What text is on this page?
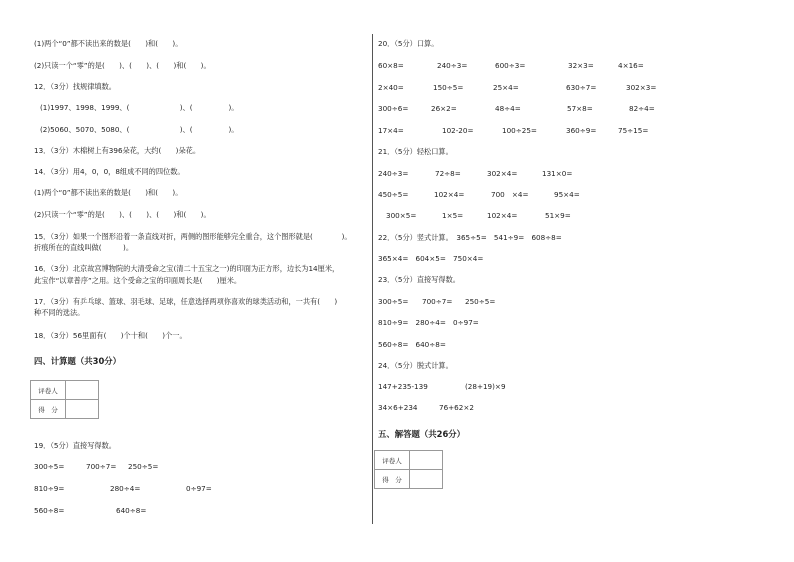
(1)两个“0”都不读出来的数是(　　)和(　　)。
(2)只读一个“零”的是(　　)、(　　)、(　　)和(　　)。
12．（3分）找规律填数。
(1)1997、1998、1999、(　　　　　　　)、(　　　　　)。
(2)5060、5070、5080、(　　　　　　　)、(　　　　　)。
13．（3分）木棉树上有396朵花，大约(　　)朵花。
14．（3分）用4，0，0，8组成不同的四位数。
(1)两个“0”都不读出来的数是(　　)和(　　)。
(2)只读一个“零”的是(　　)、(　　)、(　　)和(　　)。
15．（3分）如果一个图形沿着一条直线对折，两侧的图形能够完全重合，这个图形就是(　　　　)。
折痕所在的直线叫做(　　　)。
16．（3分）北京故宫博物院的大清受命之宝(清二十五宝之一)的印面为正方形，边长为14厘米，
此宝作“以章普序”之用。这个受命之宝的印面周长是(　　)厘米。
17．（3分）有乒乓球、篮球、羽毛球、足球，任意选择两项你喜欢的球类活动和，一共有(　　)
种不同的选法。
18．（3分）56里面有(　　)个十和(　　)个一。
四、计算题（共30分）
评卷人	
得　分	
19．（5分）直接写得数。
300÷5=	700÷7= 250÷5=
810÷9=	280÷4=	0÷97=
560÷8=	640÷8=
20．（5分）口算。
60×8=	240÷3=	600÷3=	32×3=	4×16=
2×40=	150÷5=	25×4=	630÷7=	302×3=
300÷6=	26×2=	48÷4=	57×8=	82÷4=
17×4=	102-20=	100÷25=	360÷9=	75÷15=
21．（5分）轻松口算。
240÷3=	72÷8=	302×4=	131×0=
450÷5=	102×4=	700　×4=	95×4=
300×5=	1×5=	102×4=	51×9=
22．（5分）竖式计算。　365÷5=　541÷9=　608÷8=
365×4=　604×5=　750×4=
23．（5分）直接写得数。
300÷5= 700÷7= 250÷5=
810÷9=　280÷4=　0÷97=
560÷8=　640÷8=
24．（5分）脱式计算。
147+235-139	(28+19)×9
34×6+234	76+62×2
五、解答题（共26分）
评卷人	
得　分	
